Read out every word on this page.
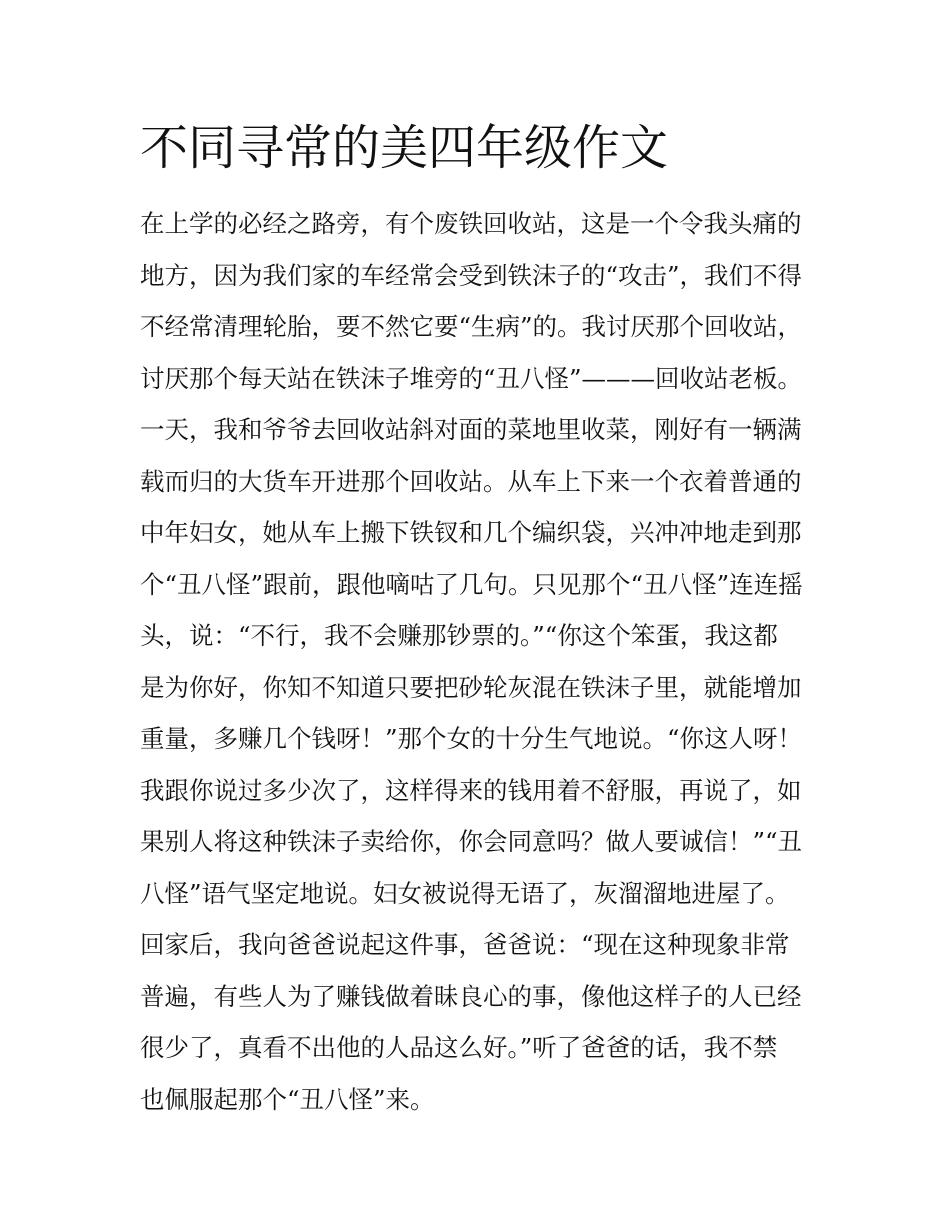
不同寻常的美四年级作文
在上学的必经之路旁，有个废铁回收站，这是一个令我头痛的
地方，因为我们家的车经常会受到铁沫子的“攻击”，我们不得
不经常清理轮胎，要不然它要“生病”的。我讨厌那个回收站，
讨厌那个每天站在铁沫子堆旁的“丑八怪”———回收站老板。
一天，我和爷爷去回收站斜对面的菜地里收菜，刚好有一辆满
载而归的大货车开进那个回收站。从车上下来一个衣着普通的
中年妇女，她从车上搬下铁钗和几个编织袋，兴冲冲地走到那
个“丑八怪”跟前，跟他嘀咕了几句。只见那个“丑八怪”连连摇
头，说：“不行，我不会赚那钞票的。”“你这个笨蛋，我这都
是为你好，你知不知道只要把砂轮灰混在铁沫子里，就能增加
重量，多赚几个钱呀！”那个女的十分生气地说。“你这人呀！
我跟你说过多少次了，这样得来的钱用着不舒服，再说了，如
果别人将这种铁沫子卖给你，你会同意吗？做人要诚信！”“丑
八怪”语气坚定地说。妇女被说得无语了，灰溜溜地进屋了。
回家后，我向爸爸说起这件事，爸爸说：“现在这种现象非常
普遍，有些人为了赚钱做着昧良心的事，像他这样子的人已经
很少了，真看不出他的人品这么好。”听了爸爸的话，我不禁
也佩服起那个“丑八怪”来。
